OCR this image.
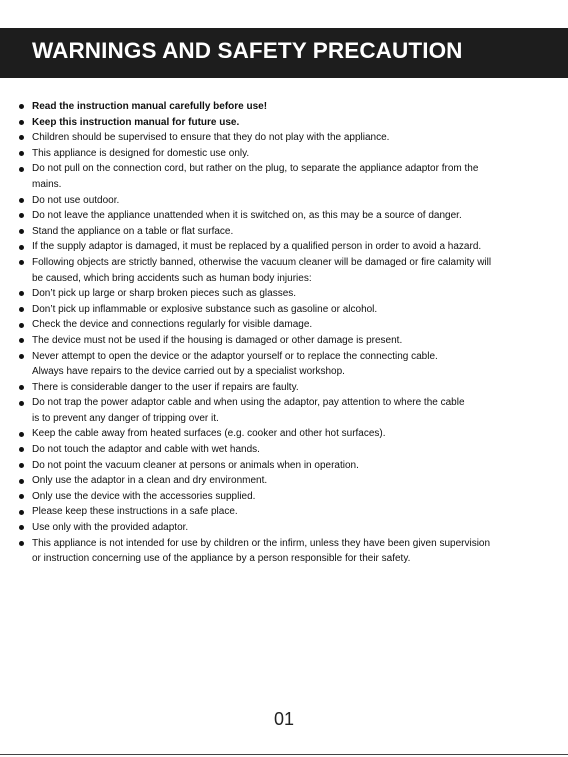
WARNINGS AND SAFETY PRECAUTION
Read the instruction manual carefully before use!
Keep this instruction manual for future use.
Children should be supervised to ensure that they do not play with the appliance.
This appliance is designed for domestic use only.
Do not pull on the connection cord, but rather on the plug, to separate the appliance adaptor from the
mains.
Do not use outdoor.
Do not leave the appliance unattended when it is switched on, as this may be a source of danger.
Stand the appliance on a table or flat surface.
If the supply adaptor is damaged, it must be replaced by a qualified person in order to avoid a hazard.
Following objects are strictly banned, otherwise the vacuum cleaner will be damaged or fire calamity will
be caused, which bring accidents such as human body injuries:
Don’t pick up large or sharp broken pieces such as glasses.
Don’t pick up inflammable or explosive substance such as gasoline or alcohol.
Check the device and connections regularly for visible damage.
The device must not be used if the housing is damaged or other damage is present.
Never attempt to open the device or the adaptor yourself or to replace the connecting cable.
Always have repairs to the device carried out by a specialist workshop.
There is considerable danger to the user if repairs are faulty.
Do not trap the power adaptor cable and when using the adaptor, pay attention to where the cable
is to prevent any danger of tripping over it.
Keep the cable away from heated surfaces (e.g. cooker and other hot surfaces).
Do not touch the adaptor and cable with wet hands.
Do not point the vacuum cleaner at persons or animals when in operation.
Only use the adaptor in a clean and dry environment.
Only use the device with the accessories supplied.
Please keep these instructions in a safe place.
Use only with the provided adaptor.
This appliance is not intended for use by children or the infirm, unless they have been given supervision
or instruction concerning use of the appliance by a person responsible for their safety.
01
